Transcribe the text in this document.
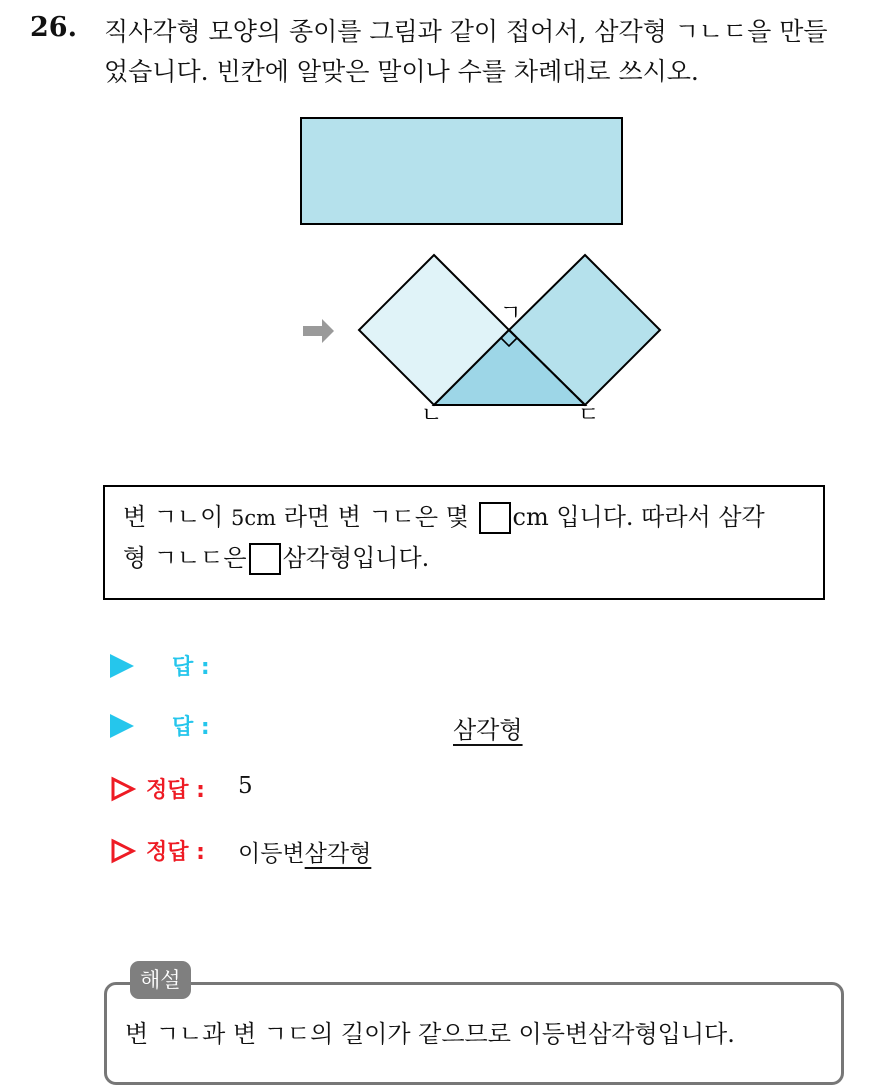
26. 직사각형 모양의 종이를 그림과 같이 접어서, 삼각형 ㄱㄴㄷ을 만들
었습니다. 빈칸에 알맞은 말이나 수를 차례대로 쓰시오.
ㄱ
ㄴ	ㄷ
변 ㄱㄴ이 5cm 라면 변 ㄱㄷ은 몇 cm 입니다. 따라서 삼각
형 ㄱㄴㄷ은 삼각형입니다.
답 :
답 :	삼각형
정답 : 5
정답 : 이등변삼각형
해설
변 ㄱㄴ과 변 ㄱㄷ의 길이가 같으므로 이등변삼각형입니다.
